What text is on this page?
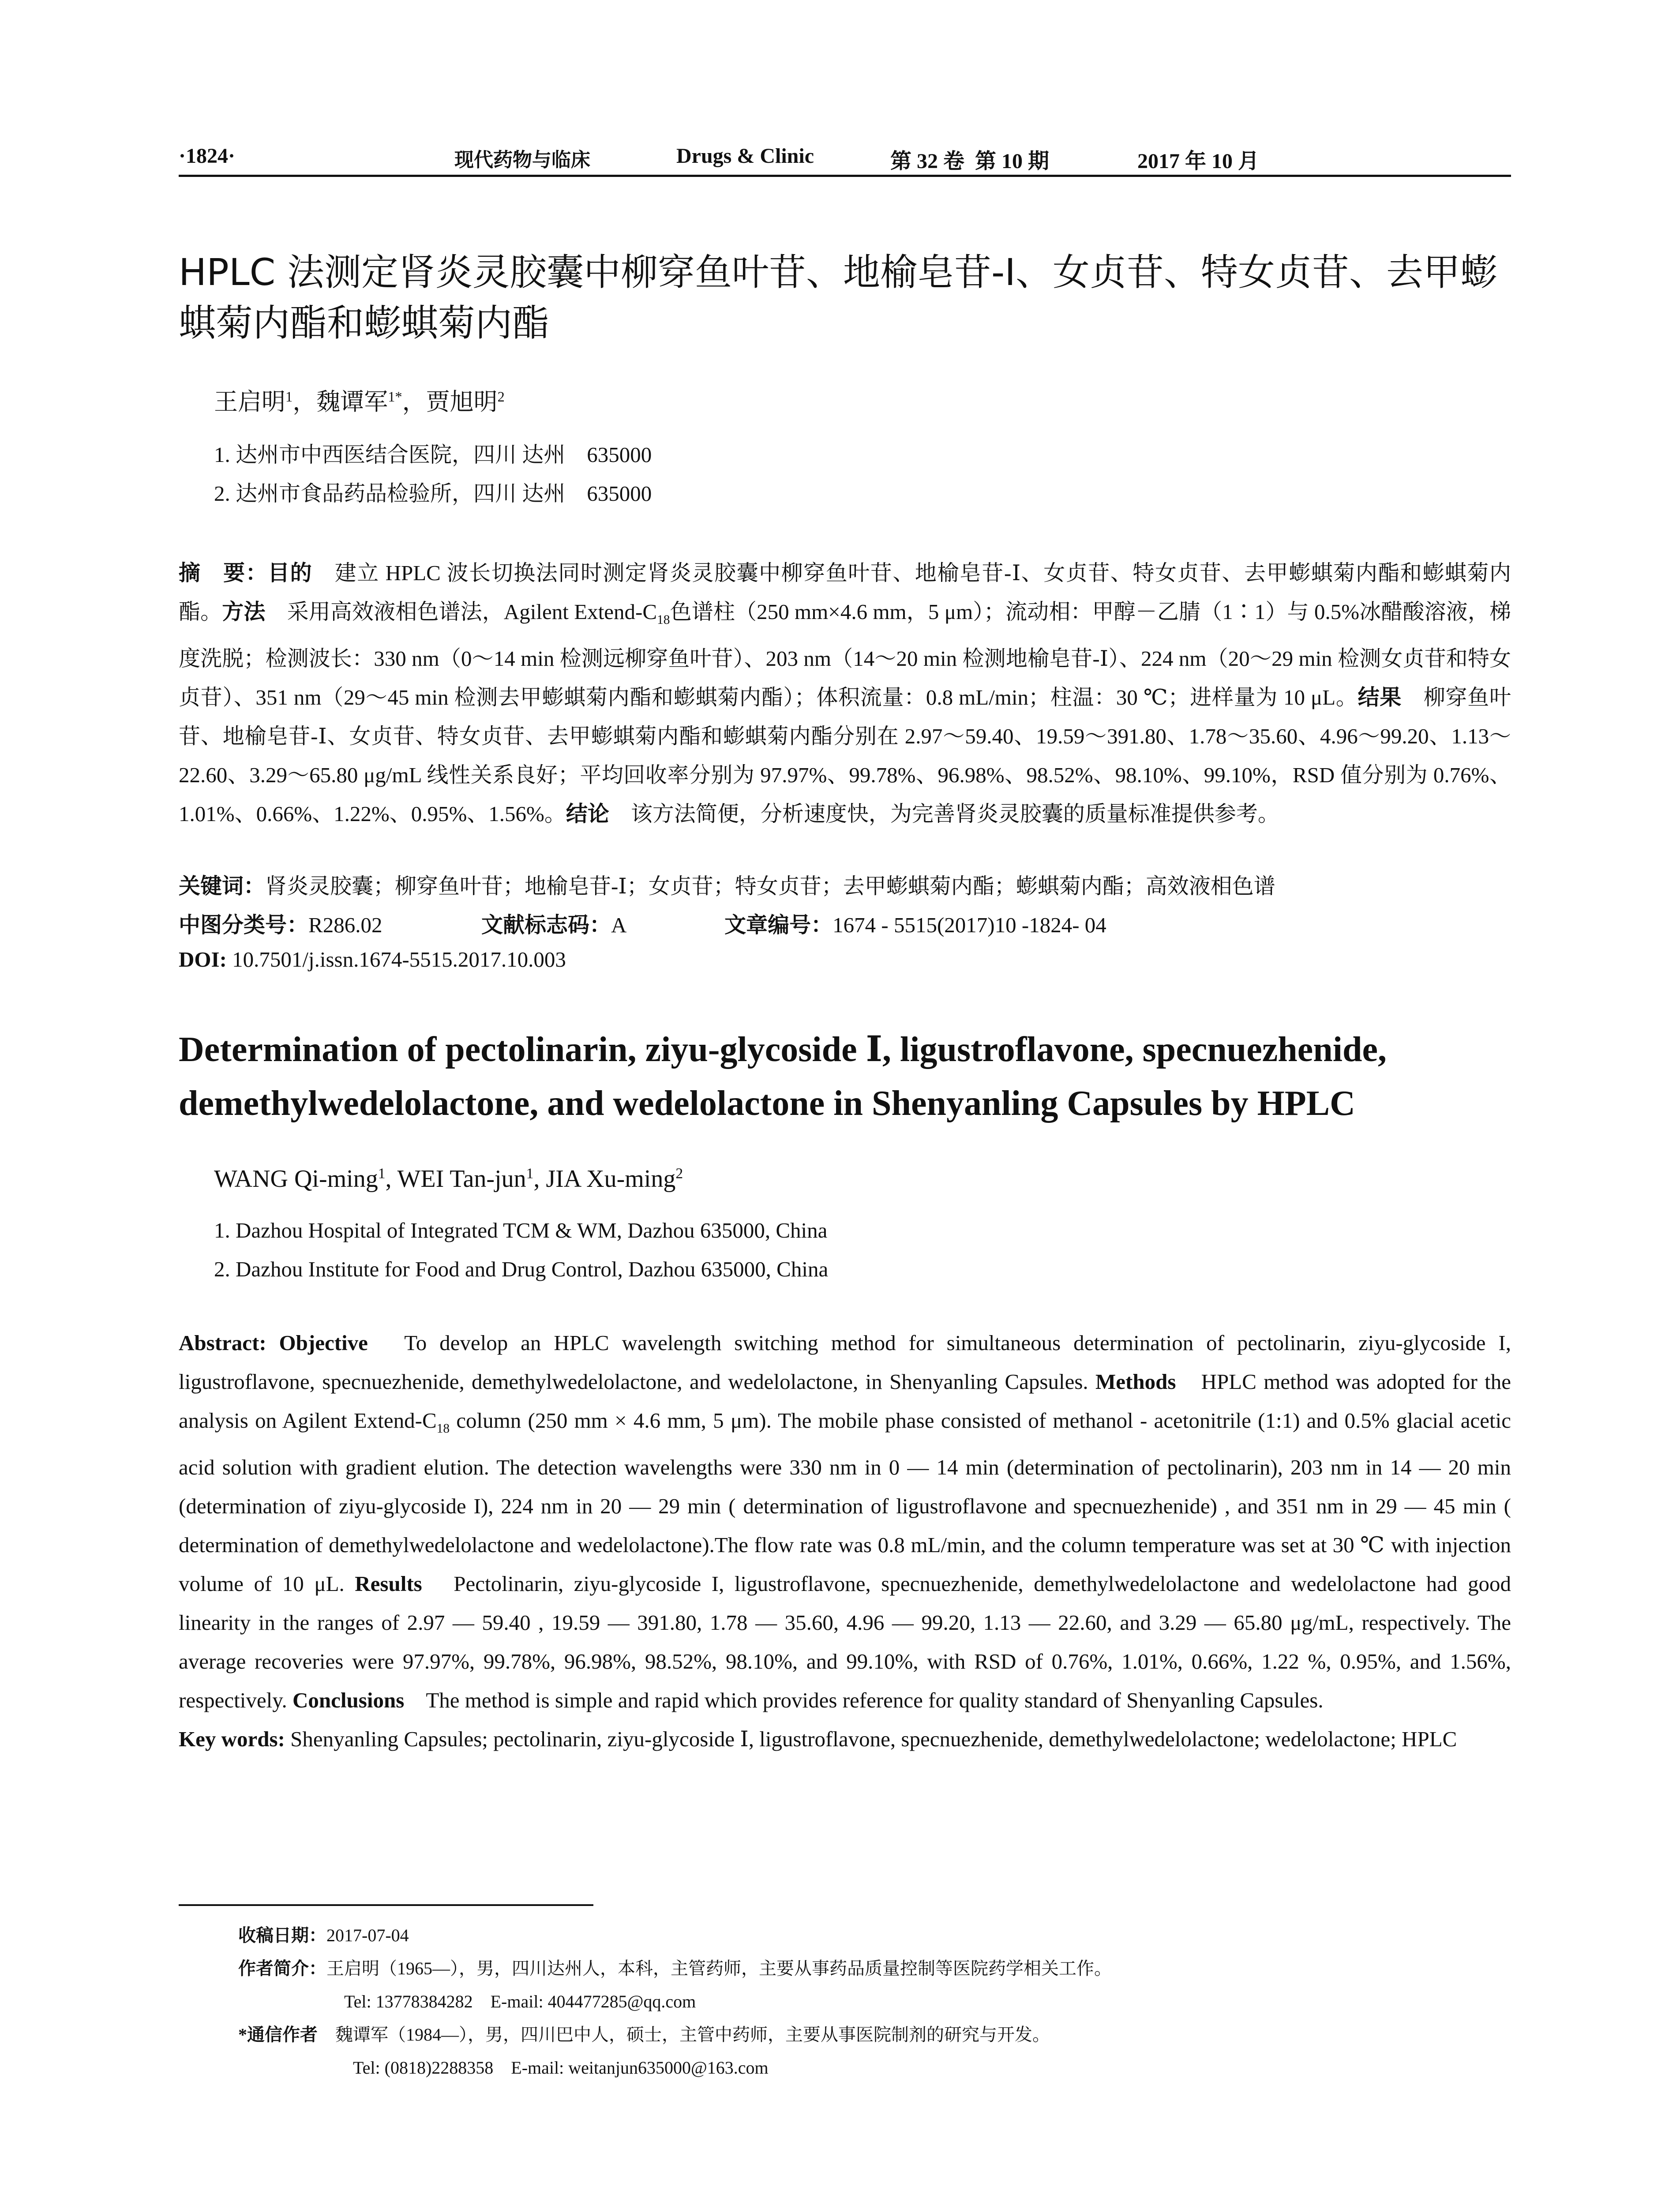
·1824·	现代药物与临床	Drugs & Clinic	第 32 卷  第 10 期	2017 年 10 月
HPLC 法测定肾炎灵胶囊中柳穿鱼叶苷、地榆皂苷-Ⅰ、女贞苷、特女贞苷、去甲蟛蜞菊内酯和蟛蜞菊内酯
王启明$^1$，魏谭军$^{1*}$，贾旭明$^2$
1. 达州市中西医结合医院，四川 达州　635000
2. 达州市食品药品检验所，四川 达州　635000
摘　要：目的　建立 HPLC 波长切换法同时测定肾炎灵胶囊中柳穿鱼叶苷、地榆皂苷-Ⅰ、女贞苷、特女贞苷、去甲蟛蜞菊内酯和蟛蜞菊内酯。方法　采用高效液相色谱法，Agilent Extend-$C_{18}$色谱柱（250 mm×4.6 mm，5 μm）；流动相：甲醇－乙腈（1∶1）与 0.5%冰醋酸溶液，梯度洗脱；检测波长：330 nm（0～14 min 检测远柳穿鱼叶苷）、203 nm（14～20 min 检测地榆皂苷-Ⅰ）、224 nm（20～29 min 检测女贞苷和特女贞苷）、351 nm（29～45 min 检测去甲蟛蜞菊内酯和蟛蜞菊内酯）；体积流量：0.8 mL/min；柱温：30 ℃；进样量为 10 μL。结果　柳穿鱼叶苷、地榆皂苷-Ⅰ、女贞苷、特女贞苷、去甲蟛蜞菊内酯和蟛蜞菊内酯分别在 2.97～59.40、19.59～391.80、1.78～35.60、4.96～99.20、1.13～22.60、3.29～65.80 μg/mL 线性关系良好；平均回收率分别为 97.97%、99.78%、96.98%、98.52%、98.10%、99.10%，RSD 值分别为 0.76%、1.01%、0.66%、1.22%、0.95%、1.56%。结论　该方法简便，分析速度快，为完善肾炎灵胶囊的质量标准提供参考。
关键词：肾炎灵胶囊；柳穿鱼叶苷；地榆皂苷-Ⅰ；女贞苷；特女贞苷；去甲蟛蜞菊内酯；蟛蜞菊内酯；高效液相色谱
中图分类号：R286.02	文献标志码：A	文章编号：1674 - 5515(2017)10 -1824- 04
DOI: 10.7501/j.issn.1674-5515.2017.10.003
Determination of pectolinarin, ziyu-glycoside Ⅰ, ligustroflavone, specnuezhenide, demethylwedelolactone, and wedelolactone in Shenyanling Capsules by HPLC
WANG Qi-ming$^1$, WEI Tan-jun$^1$, JIA Xu-ming$^2$
1. Dazhou Hospital of Integrated TCM & WM, Dazhou 635000, China
2. Dazhou Institute for Food and Drug Control, Dazhou 635000, China
Abstract: Objective　To develop an HPLC wavelength switching method for simultaneous determination of pectolinarin, ziyu-glycoside I, ligustroflavone, specnuezhenide, demethylwedelolactone, and wedelolactone, in Shenyanling Capsules. Methods　HPLC method was adopted for the analysis on Agilent Extend-$C_{18}$ column (250 mm × 4.6 mm, 5 μm). The mobile phase consisted of methanol - acetonitrile (1:1) and 0.5% glacial acetic acid solution with gradient elution. The detection wavelengths were 330 nm in 0 — 14 min (determination of pectolinarin), 203 nm in 14 — 20 min (determination of ziyu-glycoside I), 224 nm in 20 — 29 min ( determination of ligustroflavone and specnuezhenide) , and 351 nm in 29 — 45 min ( determination of demethylwedelolactone and wedelolactone).The flow rate was 0.8 mL/min, and the column temperature was set at 30 ℃ with injection volume of 10 μL. Results　Pectolinarin, ziyu-glycoside I, ligustroflavone, specnuezhenide, demethylwedelolactone and wedelolactone had good linearity in the ranges of 2.97 — 59.40 , 19.59 — 391.80, 1.78 — 35.60, 4.96 — 99.20, 1.13 — 22.60, and 3.29 — 65.80 μg/mL, respectively. The average recoveries were 97.97%, 99.78%, 96.98%, 98.52%, 98.10%, and 99.10%, with RSD of 0.76%, 1.01%, 0.66%, 1.22 %, 0.95%, and 1.56%, respectively. Conclusions　The method is simple and rapid which provides reference for quality standard of Shenyanling Capsules.
Key words: Shenyanling Capsules; pectolinarin, ziyu-glycoside Ⅰ, ligustroflavone, specnuezhenide, demethylwedelolactone; wedelolactone; HPLC
收稿日期：2017-07-04
作者简介：王启明（1965—），男，四川达州人，本科，主管药师，主要从事药品质量控制等医院药学相关工作。
Tel: 13778384282　E-mail: 404477285@qq.com
*通信作者　魏谭军（1984—），男，四川巴中人，硕士，主管中药师，主要从事医院制剂的研究与开发。
Tel: (0818)2288358　E-mail: weitanjun635000@163.com
